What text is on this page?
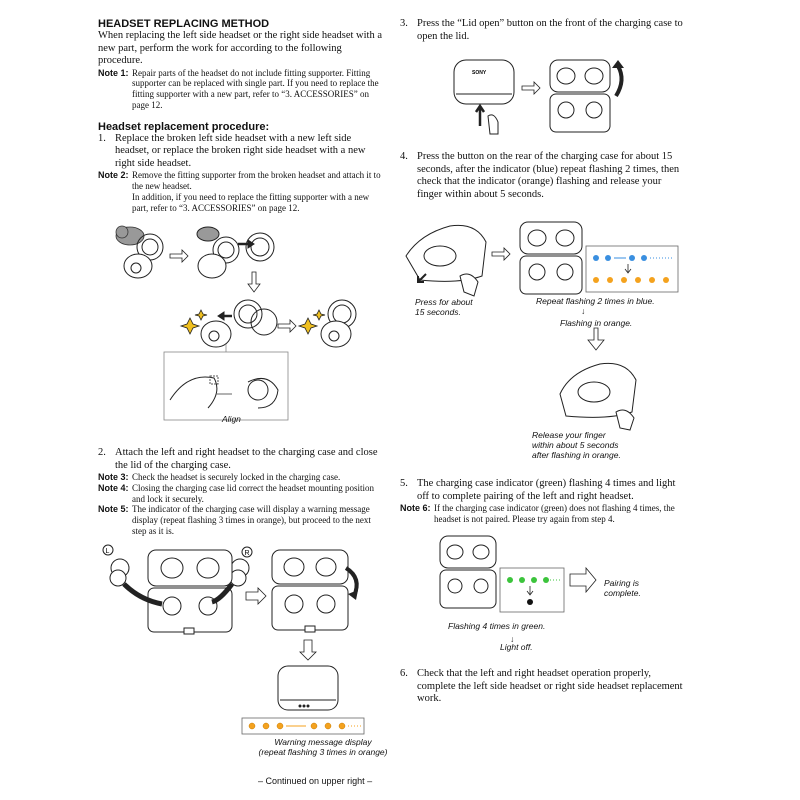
HEADSET REPLACING METHOD

When replacing the left side headset or the right side headset with a new part, perform the work for according to the following procedure.

Note 1: Repair parts of the headset do not include fitting supporter. Fitting supporter can be replaced with single part. If you need to replace the fitting supporter with a new part, refer to “3. ACCESSORIES” on page 12.

Headset replacement procedure:

1. Replace the broken left side headset with a new left side headset, or replace the broken right side headset with a new right side headset.
Note 2: Remove the fitting supporter from the broken headset and attach it to the new headset.
In addition, if you need to replace the fitting supporter with a new part, refer to “3. ACCESSORIES” on page 12.
Align
2. Attach the left and right headset to the charging case and close the lid of the charging case.
Note 3: Check the headset is securely locked in the charging case.
Note 4: Closing the charging case lid correct the headset mounting position and lock it securely.
Note 5: The indicator of the charging case will display a warning message display (repeat flashing 3 times in orange), but proceed to the next step as it is.
L	R
Warning message display
(repeat flashing 3 times in orange)
– Continued on upper right –
3. Press the “Lid open” button on the front of the charging case to open the lid.
SONY
4. Press the button on the rear of the charging case for about 15 seconds, after the indicator (blue) repeat flashing 2 times, then check that the indicator (orange) flashing and release your finger within about 5 seconds.
Press for about
15 seconds.
Repeat flashing 2 times in blue.
Flashing in orange.
Release your finger
within about 5 seconds
after flashing in orange.
5. The charging case indicator (green) flashing 4 times and light off to complete pairing of the left and right headset.
Note 6: If the charging case indicator (green) does not flashing 4 times, the headset is not paired. Please try again from step 4.
Pairing is
complete.
Flashing 4 times in green.
↓
Light off.
6. Check that the left and right headset operation properly, complete the left side headset or right side headset replacement work.
↓
